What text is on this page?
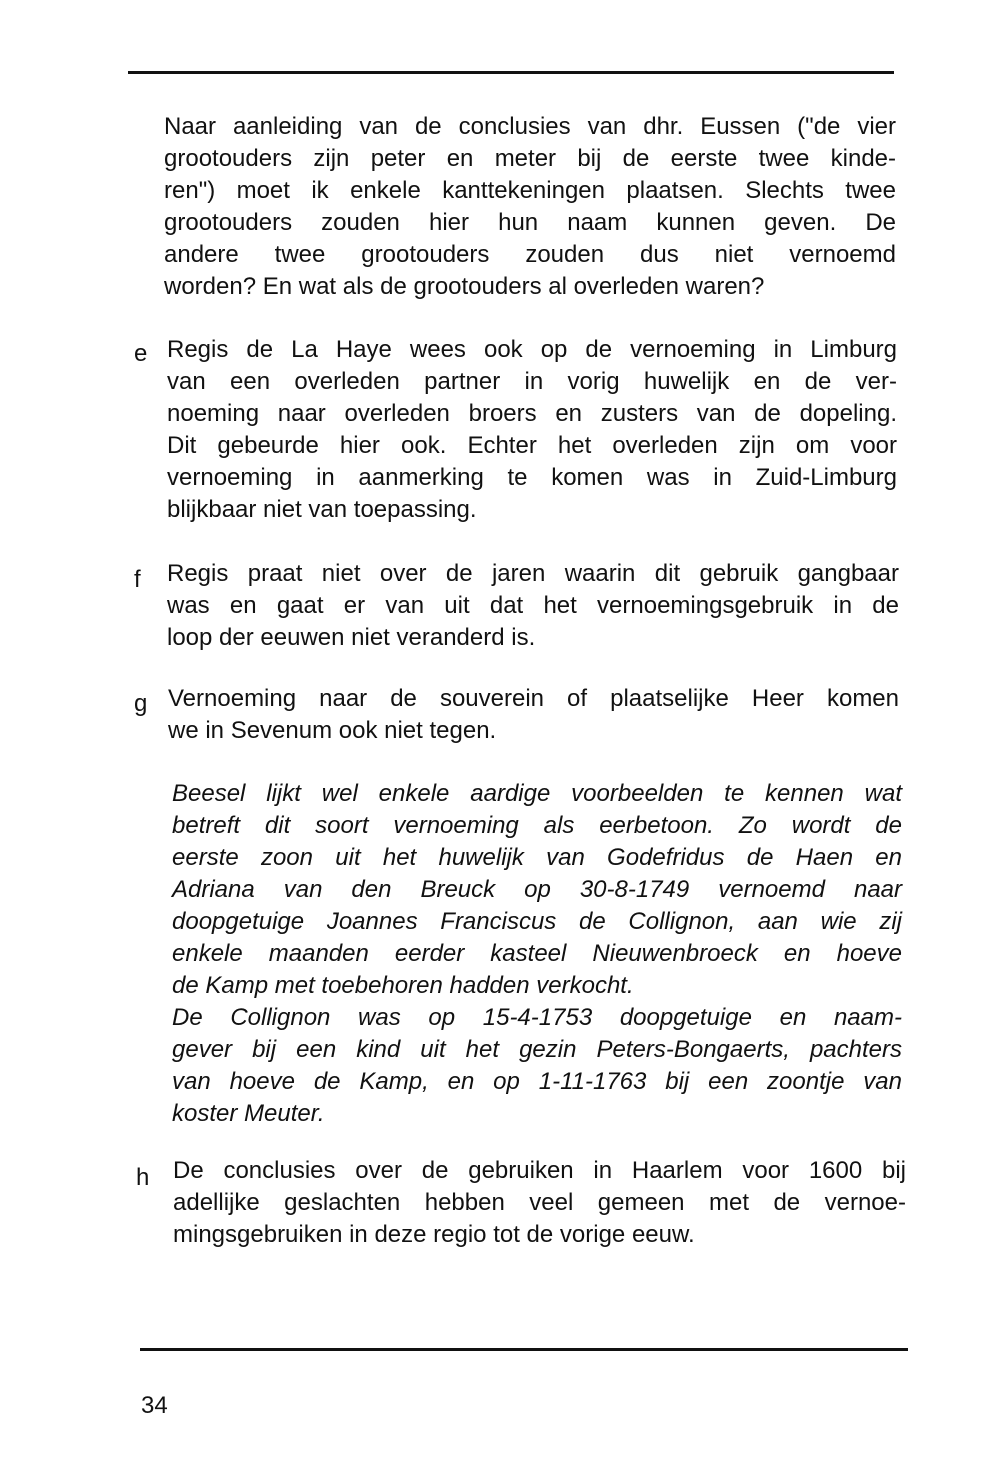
Naar aanleiding van de conclusies van dhr. Eussen ("de vier
grootouders zijn peter en meter bij de eerste twee kinde-
ren") moet ik enkele kanttekeningen plaatsen. Slechts twee
grootouders zouden hier hun naam kunnen geven. De
andere twee grootouders zouden dus niet vernoemd
worden? En wat als de grootouders al overleden waren?
e Regis de La Haye wees ook op de vernoeming in Limburg
van een overleden partner in vorig huwelijk en de ver-
noeming naar overleden broers en zusters van de dopeling.
Dit gebeurde hier ook. Echter het overleden zijn om voor
vernoeming in aanmerking te komen was in Zuid-Limburg
blijkbaar niet van toepassing.
f Regis praat niet over de jaren waarin dit gebruik gangbaar
was en gaat er van uit dat het vernoemingsgebruik in de
loop der eeuwen niet veranderd is.
g Vernoeming naar de souverein of plaatselijke Heer komen
we in Sevenum ook niet tegen.
Beesel lijkt wel enkele aardige voorbeelden te kennen wat
betreft dit soort vernoeming als eerbetoon. Zo wordt de
eerste zoon uit het huwelijk van Godefridus de Haen en
Adriana van den Breuck op 30-8-1749 vernoemd naar
doopgetuige Joannes Franciscus de Collignon, aan wie zij
enkele maanden eerder kasteel Nieuwenbroeck en hoeve
de Kamp met toebehoren hadden verkocht.
De Collignon was op 15-4-1753 doopgetuige en naam-
gever bij een kind uit het gezin Peters-Bongaerts, pachters
van hoeve de Kamp, en op 1-11-1763 bij een zoontje van
koster Meuter.
h De conclusies over de gebruiken in Haarlem voor 1600 bij
adellijke geslachten hebben veel gemeen met de vernoe-
mingsgebruiken in deze regio tot de vorige eeuw.
34
